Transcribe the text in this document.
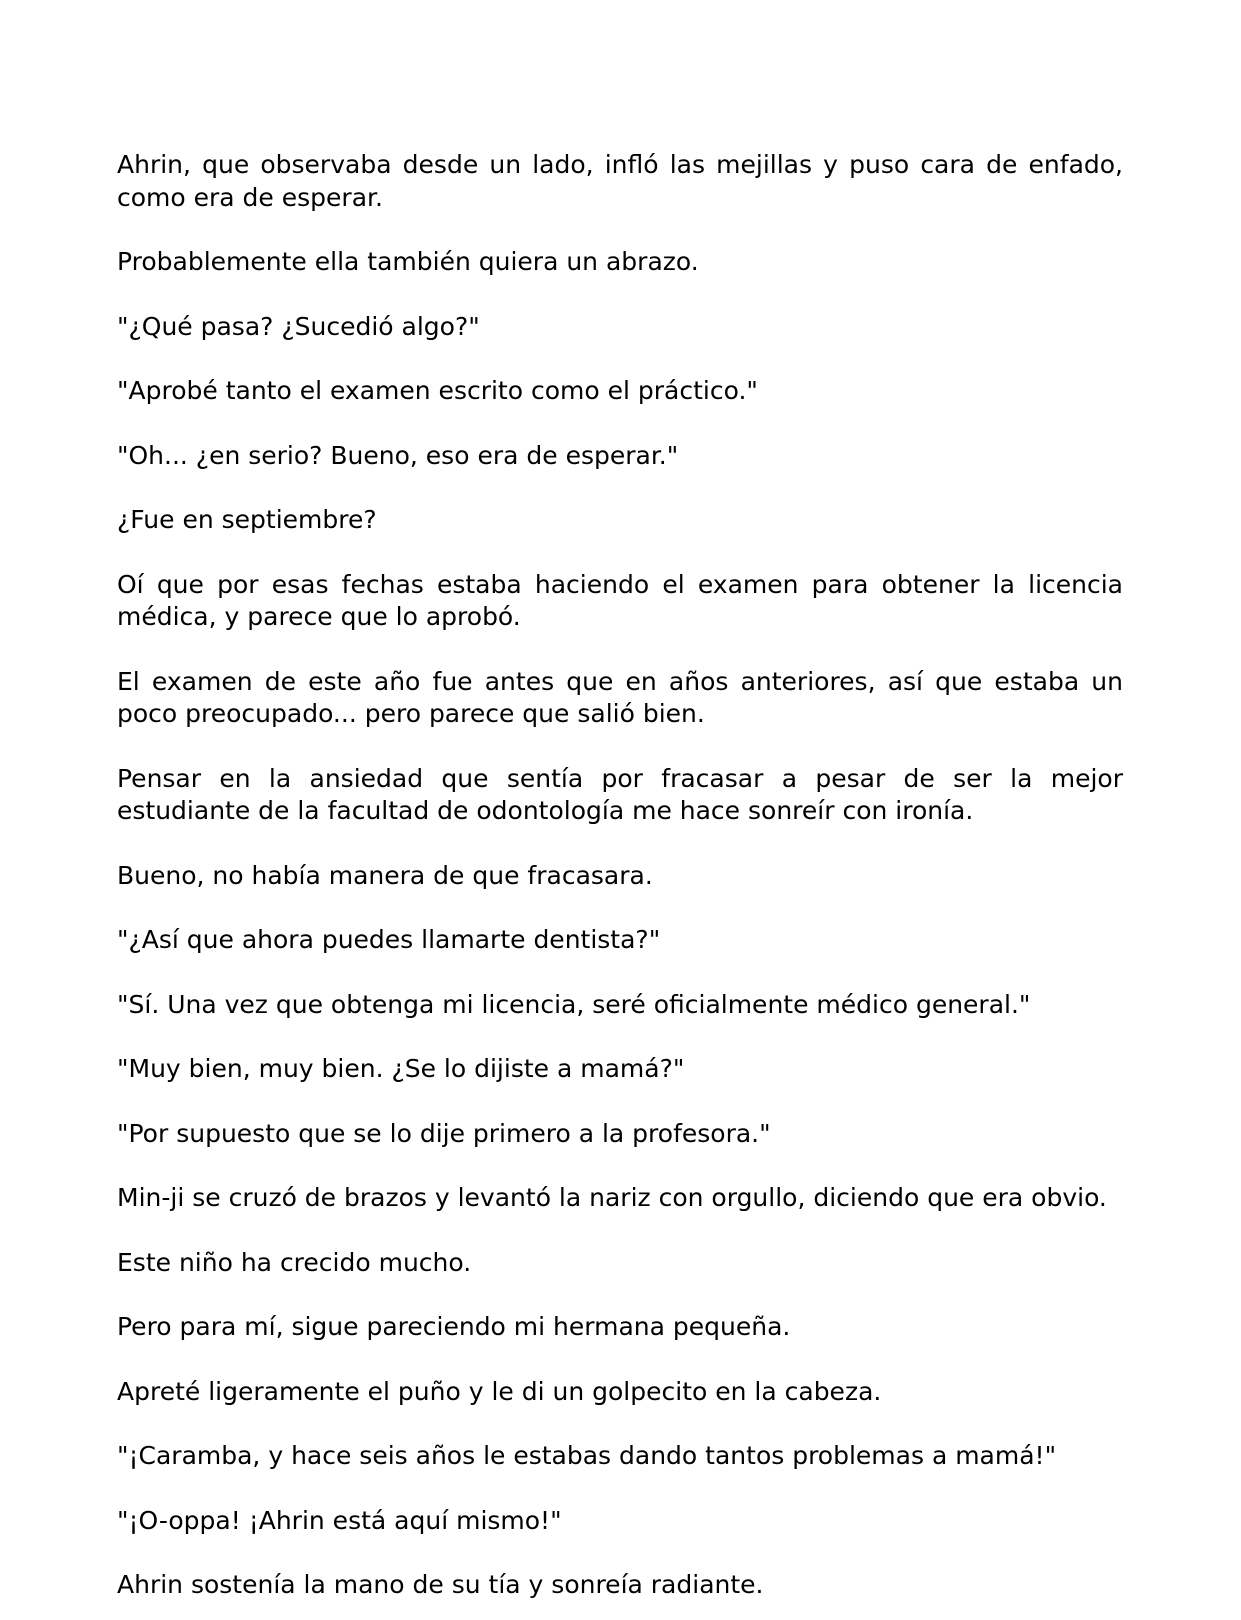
Ahrin, que observaba desde un lado, infló las mejillas y puso cara de enfado, como era de esperar.

Probablemente ella también quiera un abrazo.

"¿Qué pasa? ¿Sucedió algo?"

"Aprobé tanto el examen escrito como el práctico."

"Oh... ¿en serio? Bueno, eso era de esperar."

¿Fue en septiembre?

Oí que por esas fechas estaba haciendo el examen para obtener la licencia médica, y parece que lo aprobó.

El examen de este año fue antes que en años anteriores, así que estaba un poco preocupado... pero parece que salió bien.

Pensar en la ansiedad que sentía por fracasar a pesar de ser la mejor estudiante de la facultad de odontología me hace sonreír con ironía.

Bueno, no había manera de que fracasara.

"¿Así que ahora puedes llamarte dentista?"

"Sí. Una vez que obtenga mi licencia, seré oficialmente médico general."

"Muy bien, muy bien. ¿Se lo dijiste a mamá?"

"Por supuesto que se lo dije primero a la profesora."

Min-ji se cruzó de brazos y levantó la nariz con orgullo, diciendo que era obvio.

Este niño ha crecido mucho.

Pero para mí, sigue pareciendo mi hermana pequeña.

Apreté ligeramente el puño y le di un golpecito en la cabeza.

"¡Caramba, y hace seis años le estabas dando tantos problemas a mamá!"

"¡O-oppa! ¡Ahrin está aquí mismo!"

Ahrin sostenía la mano de su tía y sonreía radiante.
